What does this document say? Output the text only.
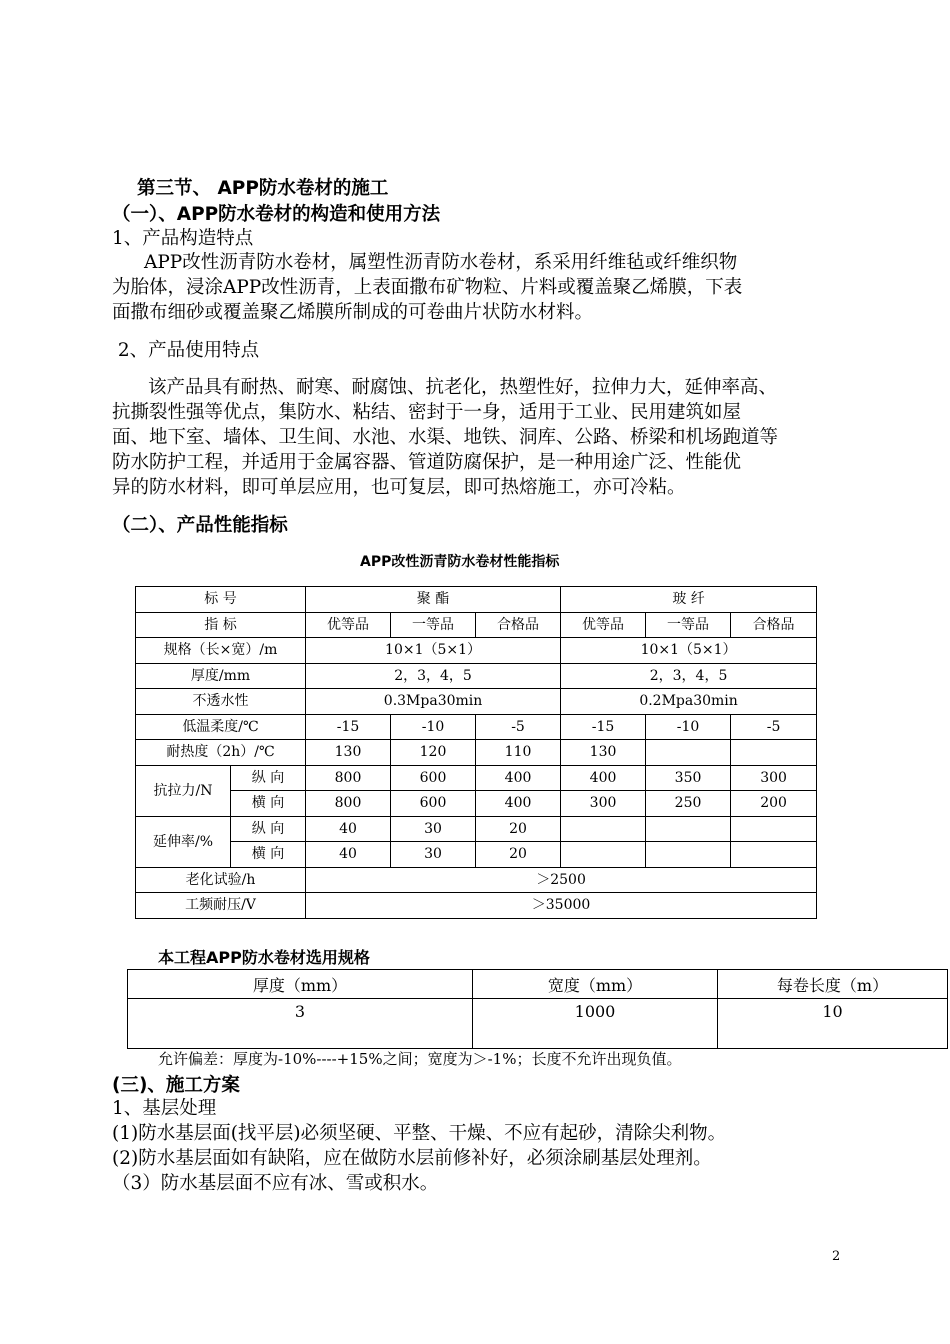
第三节、 APP防水卷材的施工
（一）、APP防水卷材的构造和使用方法
1、产品构造特点
APP改性沥青防水卷材，属塑性沥青防水卷材，系采用纤维毡或纤维织物
为胎体，浸涂APP改性沥青，上表面撒布矿物粒、片料或覆盖聚乙烯膜，下表
面撒布细砂或覆盖聚乙烯膜所制成的可卷曲片状防水材料。
2、产品使用特点
该产品具有耐热、耐寒、耐腐蚀、抗老化，热塑性好，拉伸力大，延伸率高、
抗撕裂性强等优点，集防水、粘结、密封于一身，适用于工业、民用建筑如屋
面、地下室、墙体、卫生间、水池、水渠、地铁、洞库、公路、桥梁和机场跑道等
防水防护工程，并适用于金属容器、管道防腐保护，是一种用途广泛、性能优
异的防水材料，即可单层应用，也可复层，即可热熔施工，亦可冷粘。
（二）、产品性能指标
APP改性沥青防水卷材性能指标
标 号		聚 酯			玻 纤		
指 标		优等品	一等品	合格品	优等品	一等品	合格品
规格（长×宽）/m		10×1（5×1）			10×1（5×1）		
厚度/mm		2，3，4，5			2，3，4，5		
不透水性		0.3Mpa30min			0.2Mpa30min		
低温柔度/℃		-15	-10	-5	-15	-10	-5
耐热度（2h）/℃		130	120	110	130		
抗拉力/N	纵 向	800	600	400	400	350	300
	横 向	800	600	400	300	250	200
延伸率/%	纵 向	40	30	20			
	横 向	40	30	20			
老化试验/h		＞2500					
工频耐压/V		＞35000					
本工程APP防水卷材选用规格
厚度（mm）	宽度（mm）	每卷长度（m）
3	1000	10
允许偏差：厚度为-10%----+15%之间；宽度为＞-1%；长度不允许出现负值。
(三)、施工方案
1、基层处理
(1)防水基层面(找平层)必须坚硬、平整、干燥、不应有起砂，清除尖利物。
(2)防水基层面如有缺陷，应在做防水层前修补好，必须涂刷基层处理剂。
（3）防水基层面不应有冰、雪或积水。
2
